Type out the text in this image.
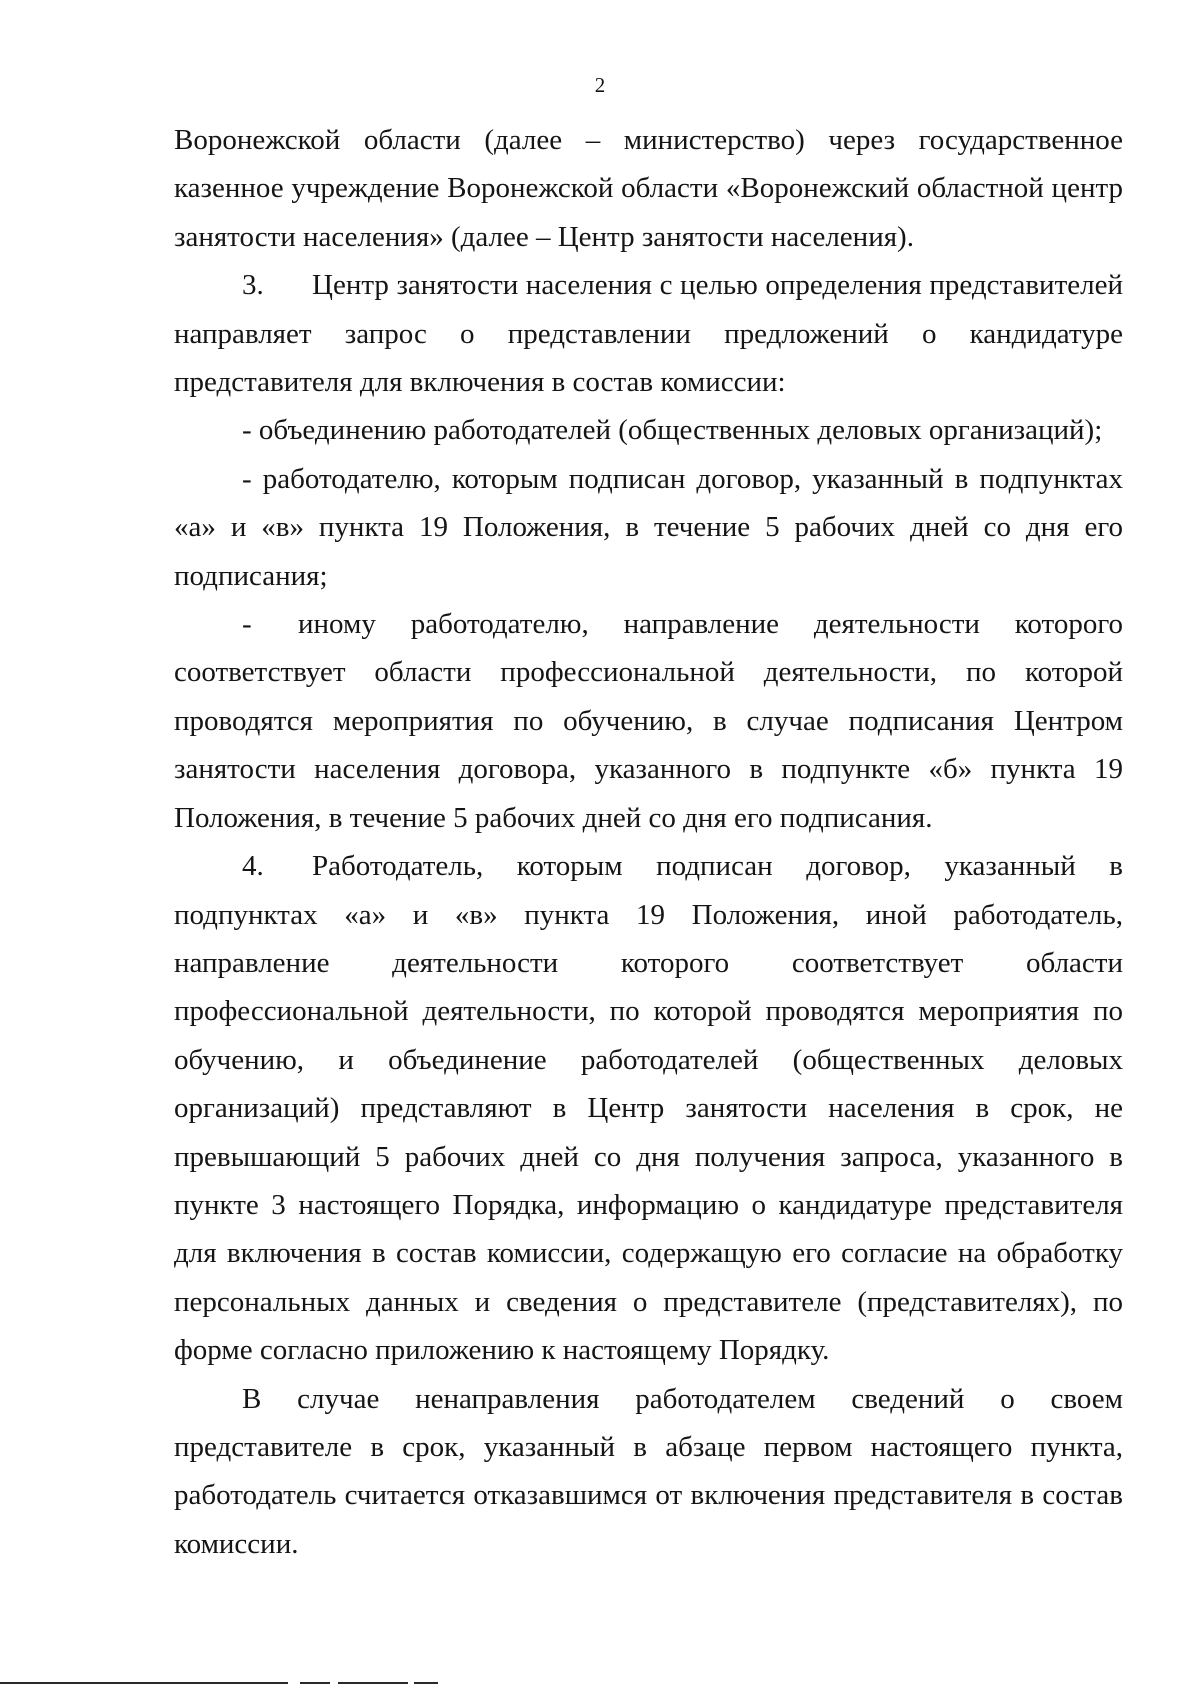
2

Воронежской области (далее – министерство) через государственное казенное учреждение Воронежской области «Воронежский областной центр занятости населения» (далее – Центр занятости населения).

3. Центр занятости населения с целью определения представителей направляет запрос о представлении предложений о кандидатуре представителя для включения в состав комиссии:

- объединению работодателей (общественных деловых организаций);

- работодателю, которым подписан договор, указанный в подпунктах «а» и «в» пункта 19 Положения, в течение 5 рабочих дней со дня его подписания;

- иному работодателю, направление деятельности которого соответствует области профессиональной деятельности, по которой проводятся мероприятия по обучению, в случае подписания Центром занятости населения договора, указанного в подпункте «б» пункта 19 Положения, в течение 5 рабочих дней со дня его подписания.

4. Работодатель, которым подписан договор, указанный в подпунктах «а» и «в» пункта 19 Положения, иной работодатель, направление деятельности которого соответствует области профессиональной деятельности, по которой проводятся мероприятия по обучению, и объединение работодателей (общественных деловых организаций) представляют в Центр занятости населения в срок, не превышающий 5 рабочих дней со дня получения запроса, указанного в пункте 3 настоящего Порядка, информацию о кандидатуре представителя для включения в состав комиссии, содержащую его согласие на обработку персональных данных и сведения о представителе (представителях), по форме согласно приложению к настоящему Порядку.

В случае ненаправления работодателем сведений о своем представителе в срок, указанный в абзаце первом настоящего пункта, работодатель считается отказавшимся от включения представителя в состав комиссии.
